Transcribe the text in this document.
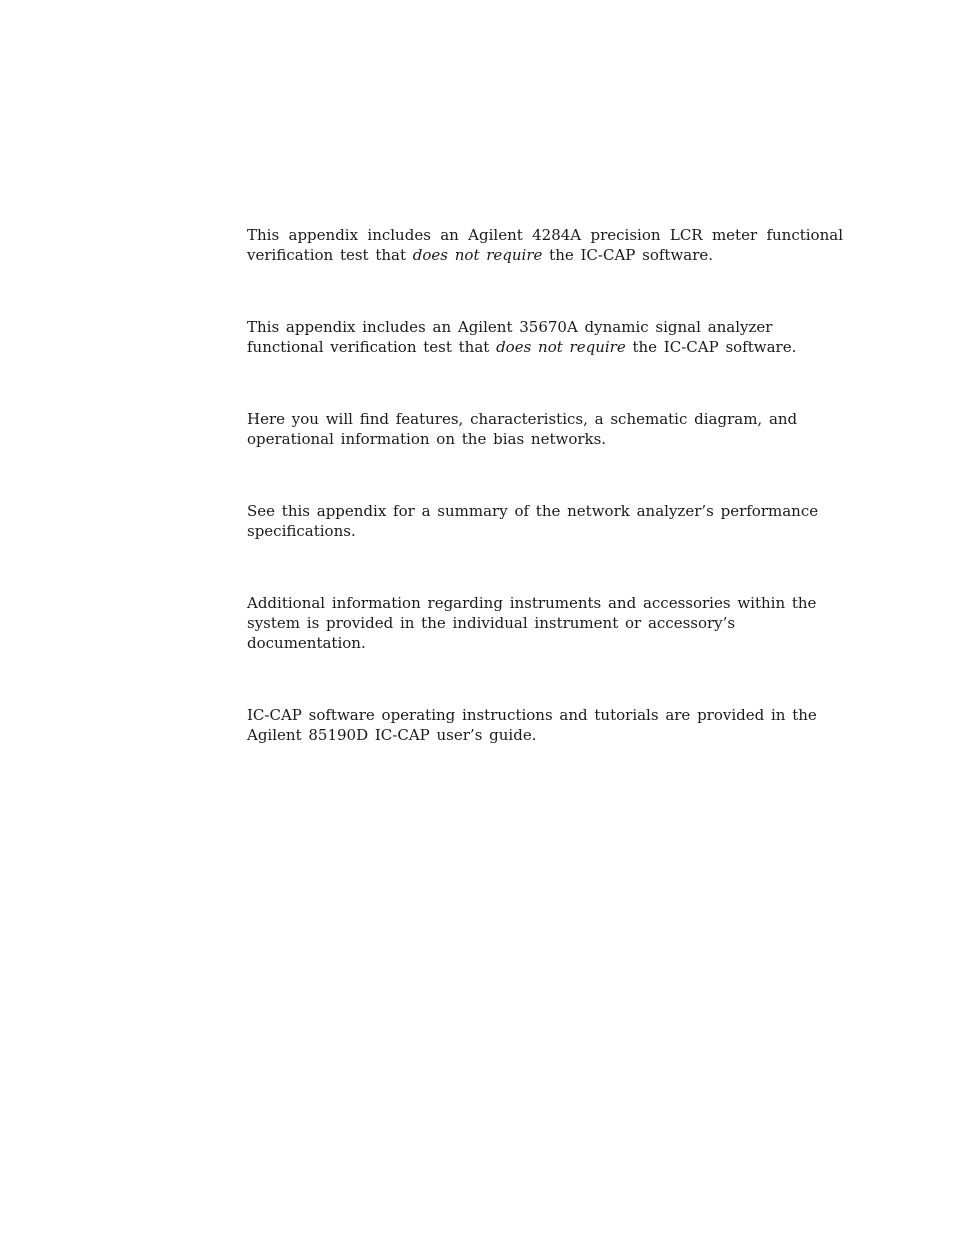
This appendix includes an Agilent 4284A precision LCR meter functional
verification test that does not require the IC-CAP software.

This appendix includes an Agilent 35670A dynamic signal analyzer
functional verification test that does not require the IC-CAP software.

Here you will find features, characteristics, a schematic diagram, and
operational information on the bias networks.

See this appendix for a summary of the network analyzer’s performance
specifications.

Additional information regarding instruments and accessories within the
system is provided in the individual instrument or accessory’s
documentation.

IC-CAP software operating instructions and tutorials are provided in the
Agilent 85190D IC-CAP user’s guide.
